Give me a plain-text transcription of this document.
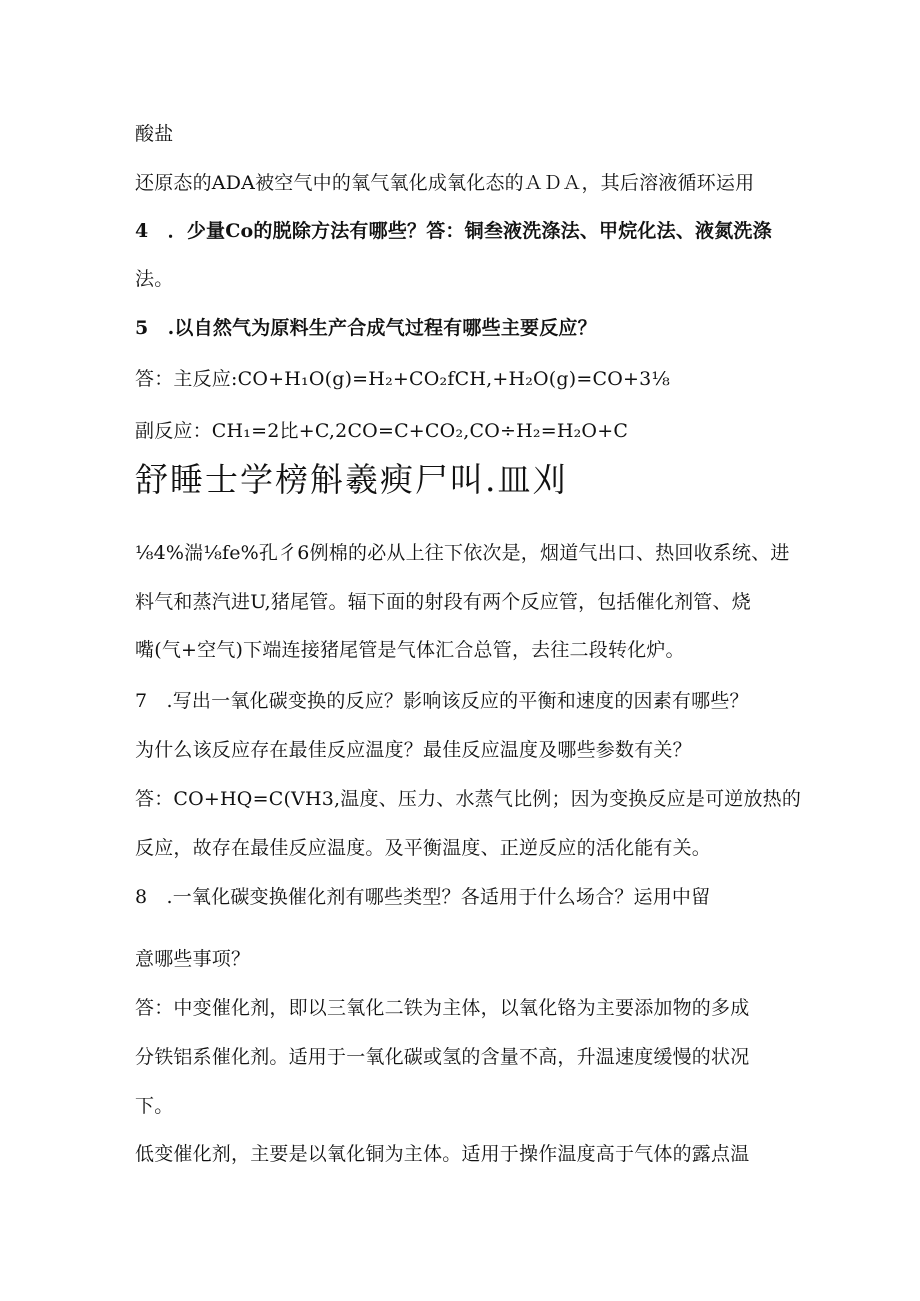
酸盐
还原态的ADA被空气中的氧气氧化成氧化态的ＡＤＡ，其后溶液循环运用
4　．少量Co的脱除方法有哪些？答：铜叁液洗涤法、甲烷化法、液氮洗涤
法。
5　.以自然气为原料生产合成气过程有哪些主要反应？
答：主反应:CO+H₁O(g)=H₂+CO₂fCH,+H₂O(g)=CO+3⅛
副反应：CH₁=2比+C,2CO=C+CO₂,CO÷H₂=H₂O+C
舒睡士学榜斛羲瘐尸叫.皿刈
⅛4%湍⅛fe%孔彳6例棉的必从上往下依次是，烟道气出口、热回收系统、进
料气和蒸汽进U,猪尾管。辐下面的射段有两个反应管，包括催化剂管、烧
嘴(气+空气)下端连接猪尾管是气体汇合总管，去往二段转化炉。
7　.写出一氧化碳变换的反应？影响该反应的平衡和速度的因素有哪些？
为什么该反应存在最佳反应温度？最佳反应温度及哪些参数有关？
答：CO+HQ=C(VH3,温度、压力、水蒸气比例；因为变换反应是可逆放热的
反应，故存在最佳反应温度。及平衡温度、正逆反应的活化能有关。
8　.一氧化碳变换催化剂有哪些类型？各适用于什么场合？运用中留
意哪些事项？
答：中变催化剂，即以三氧化二铁为主体，以氧化铬为主要添加物的多成
分铁铝系催化剂。适用于一氧化碳或氢的含量不高，升温速度缓慢的状况
下。
低变催化剂，主要是以氧化铜为主体。适用于操作温度高于气体的露点温
